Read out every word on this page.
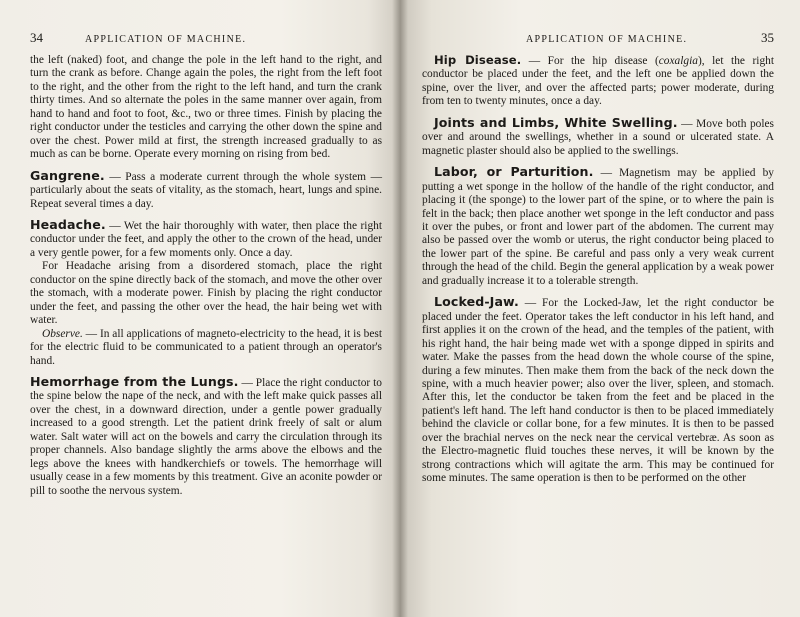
34	APPLICATION OF MACHINE.

the left (naked) foot, and change the pole in the left hand to the right, and turn the crank as before. Change again the poles, the right from the left foot to the right, and the other from the right to the left hand, and turn the crank thirty times. And so alternate the poles in the same manner over again, from hand to hand and foot to foot, &c., two or three times. Finish by placing the right conductor under the testicles and carrying the other down the spine and over the chest. Power mild at first, the strength increased gradually to as much as can be borne. Operate every morning on rising from bed.

Gangrene. — Pass a moderate current through the whole system — particularly about the seats of vitality, as the stomach, heart, lungs and spine. Repeat several times a day.

Headache. — Wet the hair thoroughly with water, then place the right conductor under the feet, and apply the other to the crown of the head, under a very gentle power, for a few moments only. Once a day.

For Headache arising from a disordered stomach, place the right conductor on the spine directly back of the stomach, and move the other over the stomach, with a moderate power. Finish by placing the right conductor under the feet, and passing the other over the head, the hair being wet with water.

Observe. — In all applications of magneto-electricity to the head, it is best for the electric fluid to be communicated to a patient through an operator's hand.

Hemorrhage from the Lungs. — Place the right conductor to the spine below the nape of the neck, and with the left make quick passes all over the chest, in a downward direction, under a gentle power gradually increased to a good strength. Let the patient drink freely of salt or alum water. Salt water will act on the bowels and carry the circulation through its proper channels. Also bandage slightly the arms above the elbows and the legs above the knees with handkerchiefs or towels. The hemorrhage will usually cease in a few moments by this treatment. Give an aconite powder or pill to soothe the nervous system.

APPLICATION OF MACHINE.	35

Hip Disease. — For the hip disease (coxalgia), let the right conductor be placed under the feet, and the left one be applied down the spine, over the liver, and over the affected parts; power moderate, during from ten to twenty minutes, once a day.

Joints and Limbs, White Swelling. — Move both poles over and around the swellings, whether in a sound or ulcerated state. A magnetic plaster should also be applied to the swellings.

Labor, or Parturition. — Magnetism may be applied by putting a wet sponge in the hollow of the handle of the right conductor, and placing it (the sponge) to the lower part of the spine, or to where the pain is felt in the back; then place another wet sponge in the left conductor and pass it over the pubes, or front and lower part of the abdomen. The current may also be passed over the womb or uterus, the right conductor being placed to the lower part of the spine. Be careful and pass only a very weak current through the head of the child. Begin the general application by a weak power and gradually increase it to a tolerable strength.

Locked-Jaw. — For the Locked-Jaw, let the right conductor be placed under the feet. Operator takes the left conductor in his left hand, and first applies it on the crown of the head, and the temples of the patient, with his right hand, the hair being made wet with a sponge dipped in spirits and water. Make the passes from the head down the whole course of the spine, during a few minutes. Then make them from the back of the neck down the spine, with a much heavier power; also over the liver, spleen, and stomach. After this, let the conductor be taken from the feet and be placed in the patient's left hand. The left hand conductor is then to be placed immediately behind the clavicle or collar bone, for a few minutes. It is then to be passed over the brachial nerves on the neck near the cervical vertebræ. As soon as the Electro-magnetic fluid touches these nerves, it will be known by the strong contractions which will agitate the arm. This may be continued for some minutes. The same operation is then to be performed on the other
